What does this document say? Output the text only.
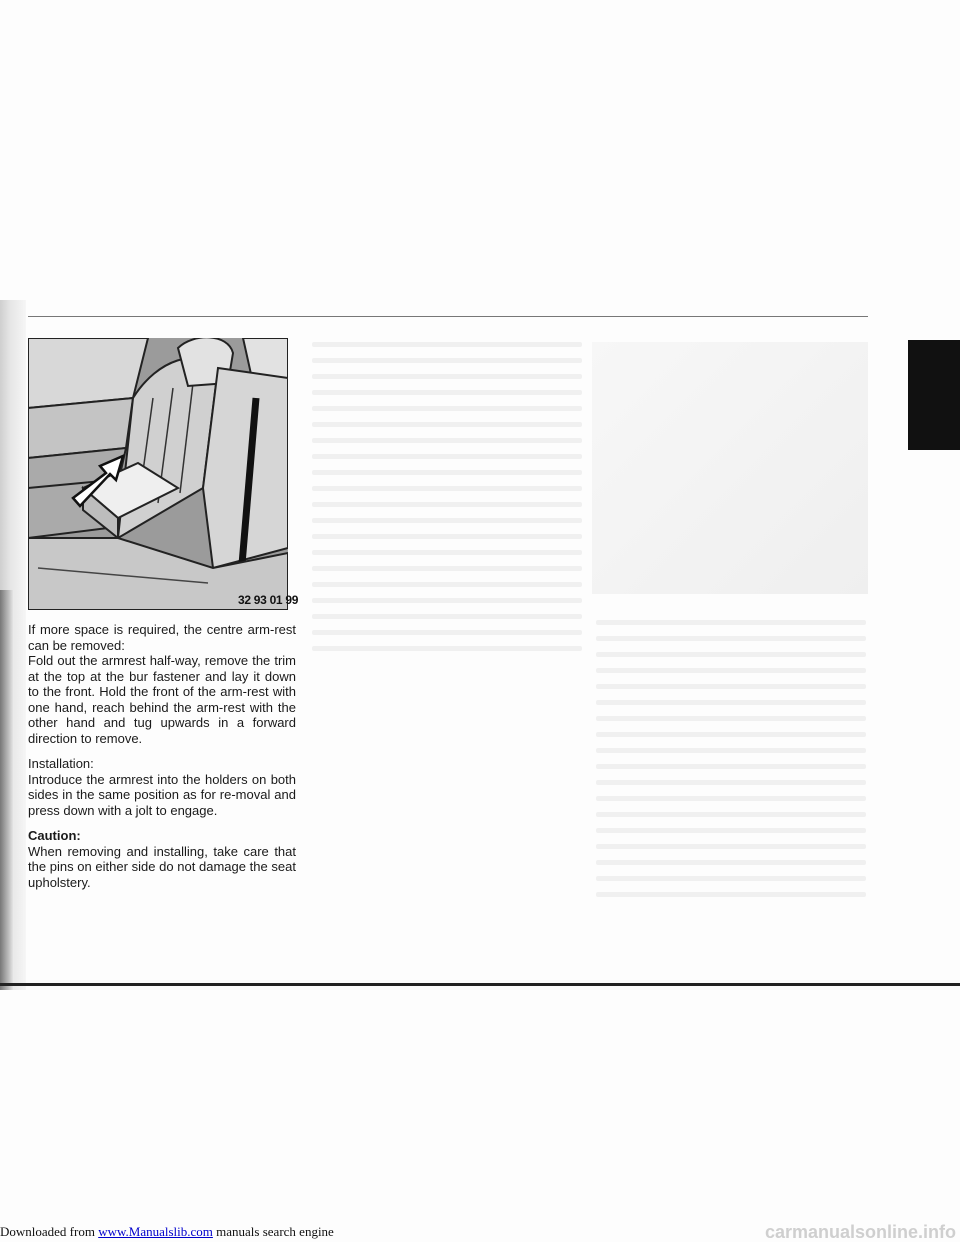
32 93 01 99

If more space is required, the centre arm-rest can be removed:
Fold out the armrest half-way, remove the trim at the top at the bur fastener and lay it down to the front. Hold the front of the arm-rest with one hand, reach behind the arm-rest with the other hand and tug upwards in a forward direction to remove.

Installation:
Introduce the armrest into the holders on both sides in the same position as for re-moval and press down with a jolt to engage.

Caution:
When removing and installing, take care that the pins on either side do not damage the seat upholstery.

Downloaded from www.Manualslib.com manuals search engine	carmanualsonline.info
